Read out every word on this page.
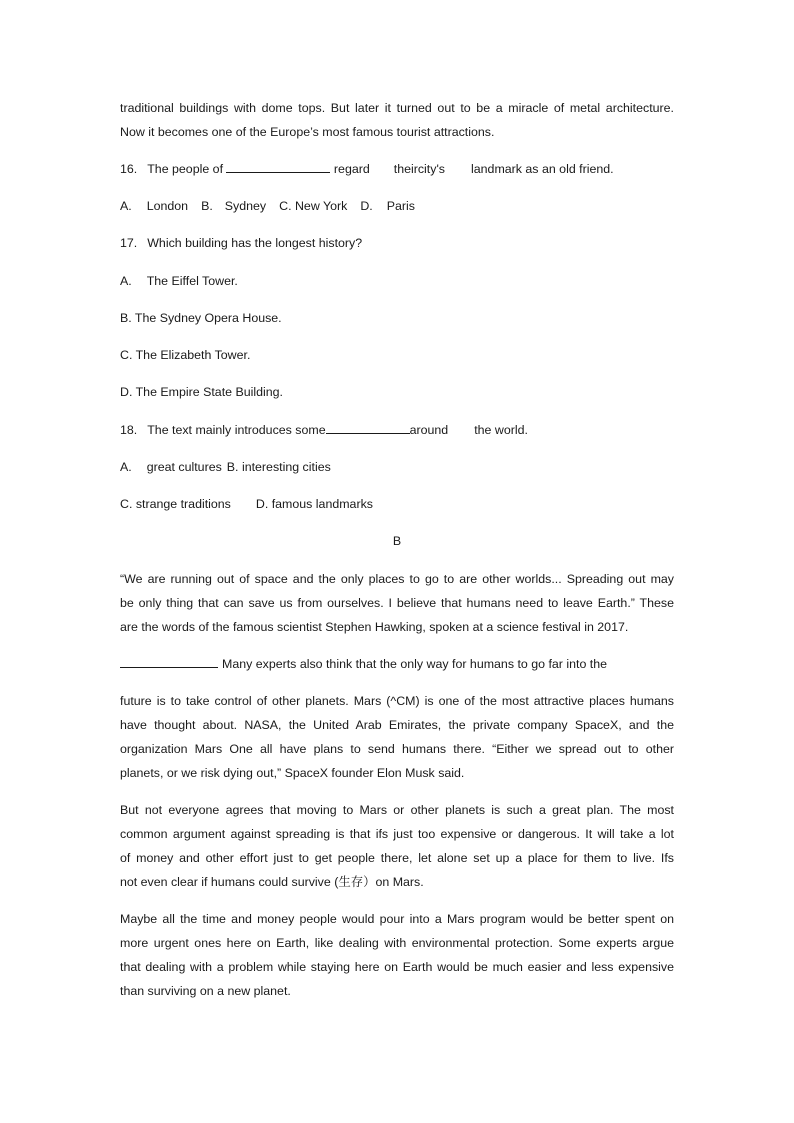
traditional buildings with dome tops. But later it turned out to be a miracle of metal architecture.
Now it becomes one of the Europe’s most famous tourist attractions.
16. The people of	regard theircity's landmark as an old friend.
A. London B. Sydney C. New York D. Paris
17. Which building has the longest history?
A. The Eiffel Tower.
B. The Sydney Opera House.
C. The Elizabeth Tower.
D. The Empire State Building.
18. The text mainly introduces some	around the world.
A. great cultures B. interesting cities
C. strange traditions D. famous landmarks
B
“We are running out of space and the only places to go to are other worlds... Spreading out may
be only thing that can save us from ourselves. I believe that humans need to leave Earth.” These
are the words of the famous scientist Stephen Hawking, spoken at a science festival in 2017.
Many experts also think that the only way for humans to go far into the
future is to take control of other planets. Mars (^CM) is one of the most attractive places humans
have thought about. NASA, the United Arab Emirates, the private company SpaceX, and the
organization Mars One all have plans to send humans there. “Either we spread out to other
planets, or we risk dying out,” SpaceX founder Elon Musk said.
But not everyone agrees that moving to Mars or other planets is such a great plan. The most
common argument against spreading is that ifs just too expensive or dangerous. It will take a lot
of money and other effort just to get people there, let alone set up a place for them to live. Ifs
not even clear if humans could survive (生存）on Mars.
Maybe all the time and money people would pour into a Mars program would be better spent on
more urgent ones here on Earth, like dealing with environmental protection. Some experts argue
that dealing with a problem while staying here on Earth would be much easier and less expensive
than surviving on a new planet.
